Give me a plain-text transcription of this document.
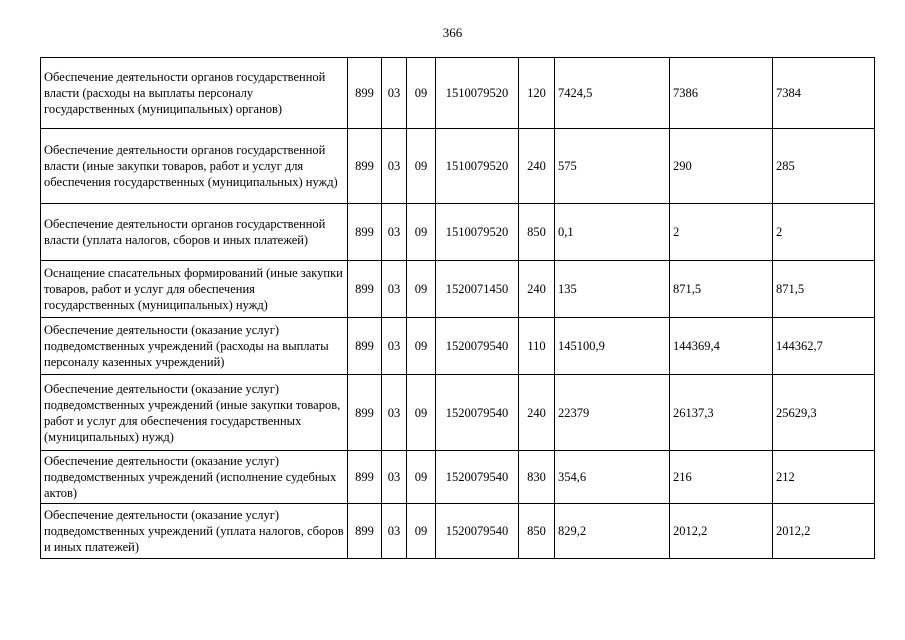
366
Обеспечение деятельности органов государственной власти (расходы на выплаты персоналу государственных (муниципальных) органов)	899	03	09	1510079520	120	7424,5	7386	7384
Обеспечение деятельности органов государственной власти (иные закупки товаров, работ и услуг для обеспечения государственных (муниципальных) нужд)	899	03	09	1510079520	240	575	290	285
Обеспечение деятельности органов государственной власти (уплата налогов, сборов и иных платежей)	899	03	09	1510079520	850	0,1	2	2
Оснащение спасательных формирований (иные закупки товаров, работ и услуг для обеспечения государственных (муниципальных) нужд)	899	03	09	1520071450	240	135	871,5	871,5
Обеспечение деятельности (оказание услуг) подведомственных учреждений (расходы на выплаты персоналу казенных учреждений)	899	03	09	1520079540	110	145100,9	144369,4	144362,7
Обеспечение деятельности (оказание услуг) подведомственных учреждений (иные закупки товаров, работ и услуг для обеспечения государственных (муниципальных) нужд)	899	03	09	1520079540	240	22379	26137,3	25629,3
Обеспечение деятельности (оказание услуг) подведомственных учреждений (исполнение судебных актов)	899	03	09	1520079540	830	354,6	216	212
Обеспечение деятельности (оказание услуг) подведомственных учреждений (уплата налогов, сборов и иных платежей)	899	03	09	1520079540	850	829,2	2012,2	2012,2
